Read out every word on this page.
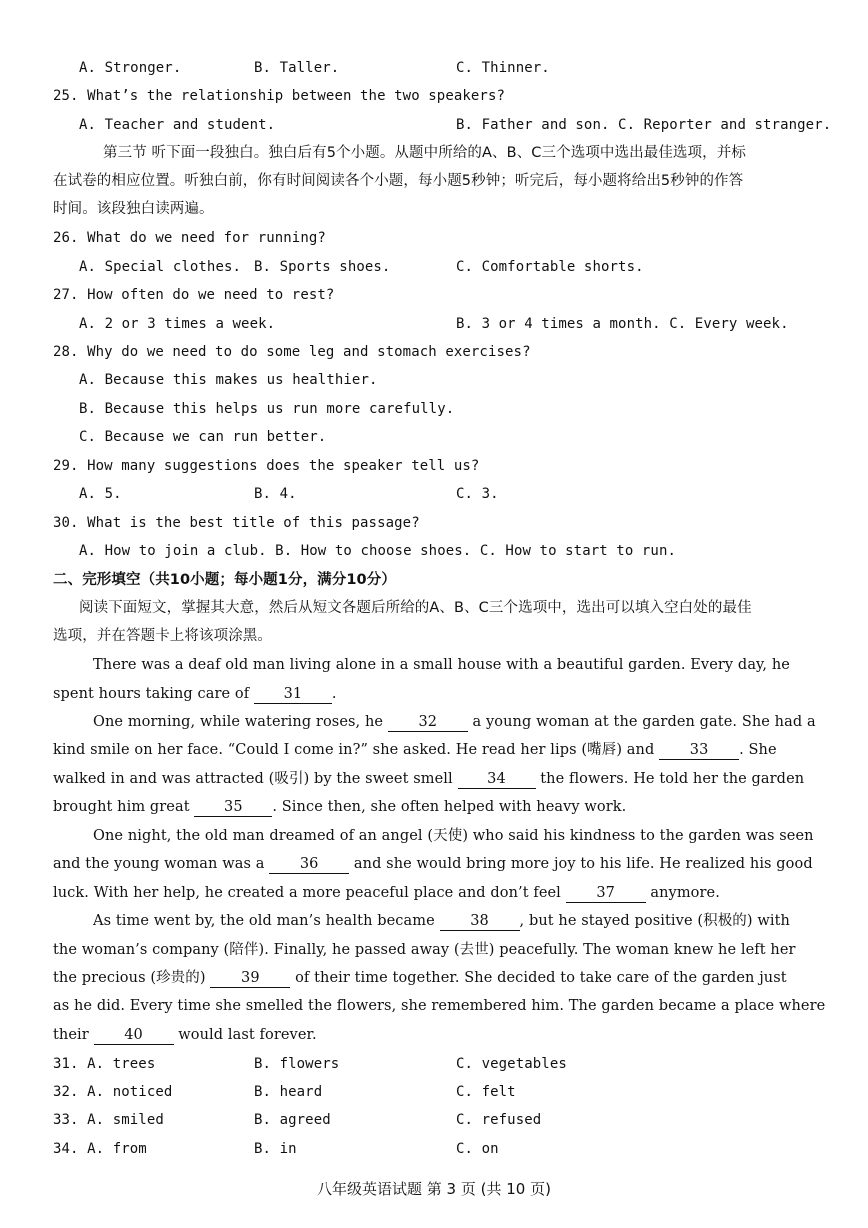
A. Stronger.	B. Taller.	C. Thinner.
25. What’s the relationship between the two speakers?
A. Teacher and student.	B. Father and son. C. Reporter and stranger.
第三节 听下面一段独白。独白后有5个小题。从题中所给的A、B、C三个选项中选出最佳选项，并标
在试卷的相应位置。听独白前，你有时间阅读各个小题，每小题5秒钟；听完后，每小题将给出5秒钟的作答
时间。该段独白读两遍。
26. What do we need for running?
A. Special clothes. B. Sports shoes.	C. Comfortable shorts.
27. How often do we need to rest?
A. 2 or 3 times a week.	B. 3 or 4 times a month. C. Every week.
28. Why do we need to do some leg and stomach exercises?
A. Because this makes us healthier.
B. Because this helps us run more carefully.
C. Because we can run better.
29. How many suggestions does the speaker tell us?
A. 5.	B. 4.	C. 3.
30. What is the best title of this passage?
A. How to join a club. B. How to choose shoes. C. How to start to run.
二、完形填空（共10小题；每小题1分，满分10分）
阅读下面短文，掌握其大意，然后从短文各题后所给的A、B、C三个选项中，选出可以填入空白处的最佳
选项，并在答题卡上将该项涂黑。
There was a deaf old man living alone in a small house with a beautiful garden. Every day, he
spent hours taking care of 31 .
One morning, while watering roses, he 32 a young woman at the garden gate. She had a
kind smile on her face. “Could I come in?” she asked. He read her lips (嘴唇) and 33 . She
walked in and was attracted (吸引) by the sweet smell 34 the flowers. He told her the garden
brought him great 35 . Since then, she often helped with heavy work.
One night, the old man dreamed of an angel (天使) who said his kindness to the garden was seen
and the young woman was a 36 and she would bring more joy to his life. He realized his good
luck. With her help, he created a more peaceful place and don’t feel 37 anymore.
As time went by, the old man’s health became 38 , but he stayed positive (积极的) with
the woman’s company (陪伴). Finally, he passed away (去世) peacefully. The woman knew he left her
the precious (珍贵的) 39 of their time together. She decided to take care of the garden just
as he did. Every time she smelled the flowers, she remembered him. The garden became a place where
their 40 would last forever.
31. A. trees	B. flowers	C. vegetables
32. A. noticed	B. heard	C. felt
33. A. smiled	B. agreed	C. refused
34. A. from	B. in	C. on
八年级英语试题 第 3 页 (共 10 页)
